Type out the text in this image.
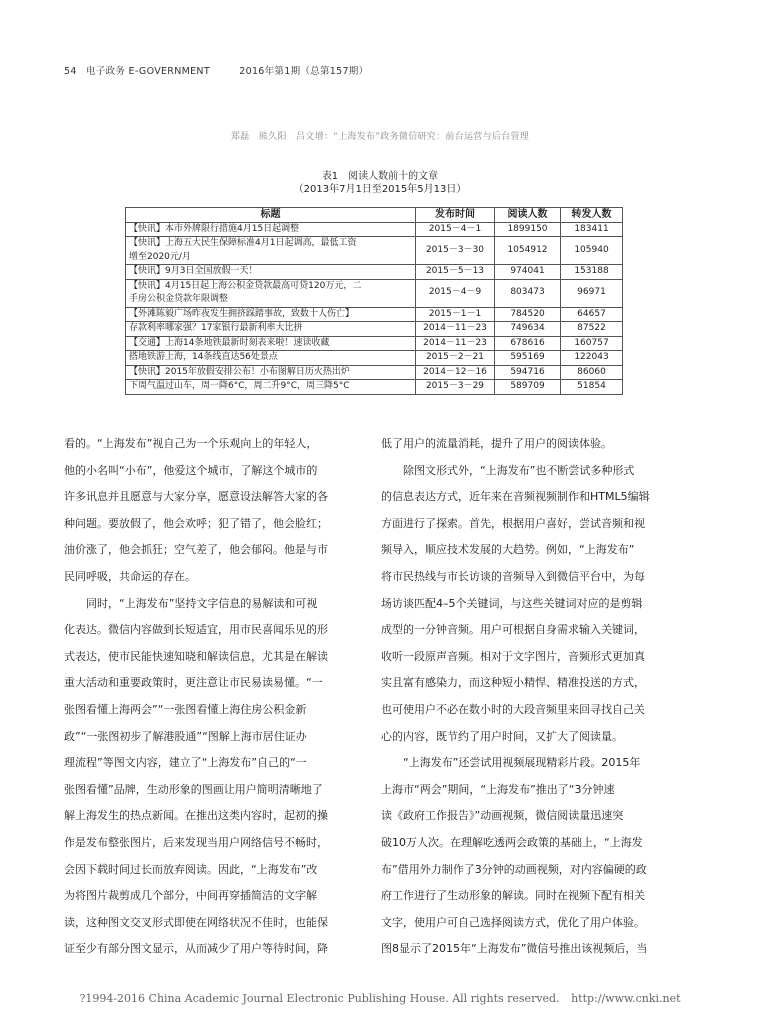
54 电子政务 E-GOVERNMENT	2016年第1期（总第157期）
郑磊　熊久阳　吕文增：“上海发布”政务微信研究：前台运营与后台管理
表1　阅读人数前十的文章
（2013年7月1日至2015年5月13日）
标题	发布时间	阅读人数	转发人数

【快讯】本市外牌限行措施4月15日起调整	2015－4－1	1899150	183411

【快讯】上海五大民生保障标准4月1日起调高，最低工资
增至2020元/月	2015－3－30	1054912	105940

【快讯】9月3日全国放假一天！	2015－5－13	974041	153188

【快讯】4月15日起上海公积金贷款最高可贷120万元，二
手房公积金贷款年限调整	2015－4－9	803473	96971

【外滩陈毅广场昨夜发生拥挤踩踏事故，致数十人伤亡】	2015－1－1	784520	64657

存款利率哪家强？17家银行最新利率大比拼	2014－11－23	749634	87522

【交通】上海14条地铁最新时刻表来啦！速读收藏	2014－11－23	678616	160757

搭地铁游上海，14条线直达56处景点	2015－2－21	595169	122043

【快讯】2015年放假安排公布！小布图解日历火热出炉	2014－12－16	594716	86060

下周气温过山车，周一降6°C，周二升9°C，周三降5°C	2015－3－29	589709	51854
看的。“上海发布”视自己为一个乐观向上的年轻人，
他的小名叫“小布”，他爱这个城市，了解这个城市的
许多讯息并且愿意与大家分享，愿意设法解答大家的各
种问题。要放假了，他会欢呼；犯了错了，他会脸红；
油价涨了，他会抓狂；空气差了，他会郁闷。他是与市
民同呼吸，共命运的存在。
　　同时，“上海发布”坚持文字信息的易解读和可视
化表达。微信内容做到长短适宜，用市民喜闻乐见的形
式表达，使市民能快速知晓和解读信息，尤其是在解读
重大活动和重要政策时，更注意让市民易读易懂。“一
张图看懂上海两会”“一张图看懂上海住房公积金新
政”“一张图初步了解港股通”“图解上海市居住证办
理流程”等图文内容，建立了“上海发布”自己的“一
张图看懂”品牌，生动形象的图画让用户简明清晰地了
解上海发生的热点新闻。在推出这类内容时，起初的操
作是发布整张图片，后来发现当用户网络信号不畅时，
会因下载时间过长而放弃阅读。因此，“上海发布”改
为将图片裁剪成几个部分，中间再穿插简洁的文字解
读，这种图文交叉形式即使在网络状况不佳时，也能保
证至少有部分图文显示，从而减少了用户等待时间，降
低了用户的流量消耗，提升了用户的阅读体验。
　　除图文形式外，“上海发布”也不断尝试多种形式
的信息表达方式，近年来在音频视频制作和HTML5编辑
方面进行了探索。首先，根据用户喜好，尝试音频和视
频导入，顺应技术发展的大趋势。例如，“上海发布”
将市民热线与市长访谈的音频导入到微信平台中，为每
场访谈匹配4–5个关键词，与这些关键词对应的是剪辑
成型的一分钟音频。用户可根据自身需求输入关键词，
收听一段原声音频。相对于文字图片，音频形式更加真
实且富有感染力，而这种短小精悍、精准投送的方式，
也可使用户不必在数小时的大段音频里来回寻找自己关
心的内容，既节约了用户时间，又扩大了阅读量。
　　“上海发布”还尝试用视频展现精彩片段。2015年
上海市“两会”期间，“上海发布”推出了“3分钟速
读《政府工作报告》”动画视频，微信阅读量迅速突
破10万人次。在理解吃透两会政策的基础上，“上海发
布”借用外力制作了3分钟的动画视频，对内容偏硬的政
府工作进行了生动形象的解读。同时在视频下配有相关
文字，使用户可自己选择阅读方式，优化了用户体验。
图8显示了2015年“上海发布”微信号推出该视频后，当
?1994-2016 China Academic Journal Electronic Publishing House. All rights reserved. http://www.cnki.net
